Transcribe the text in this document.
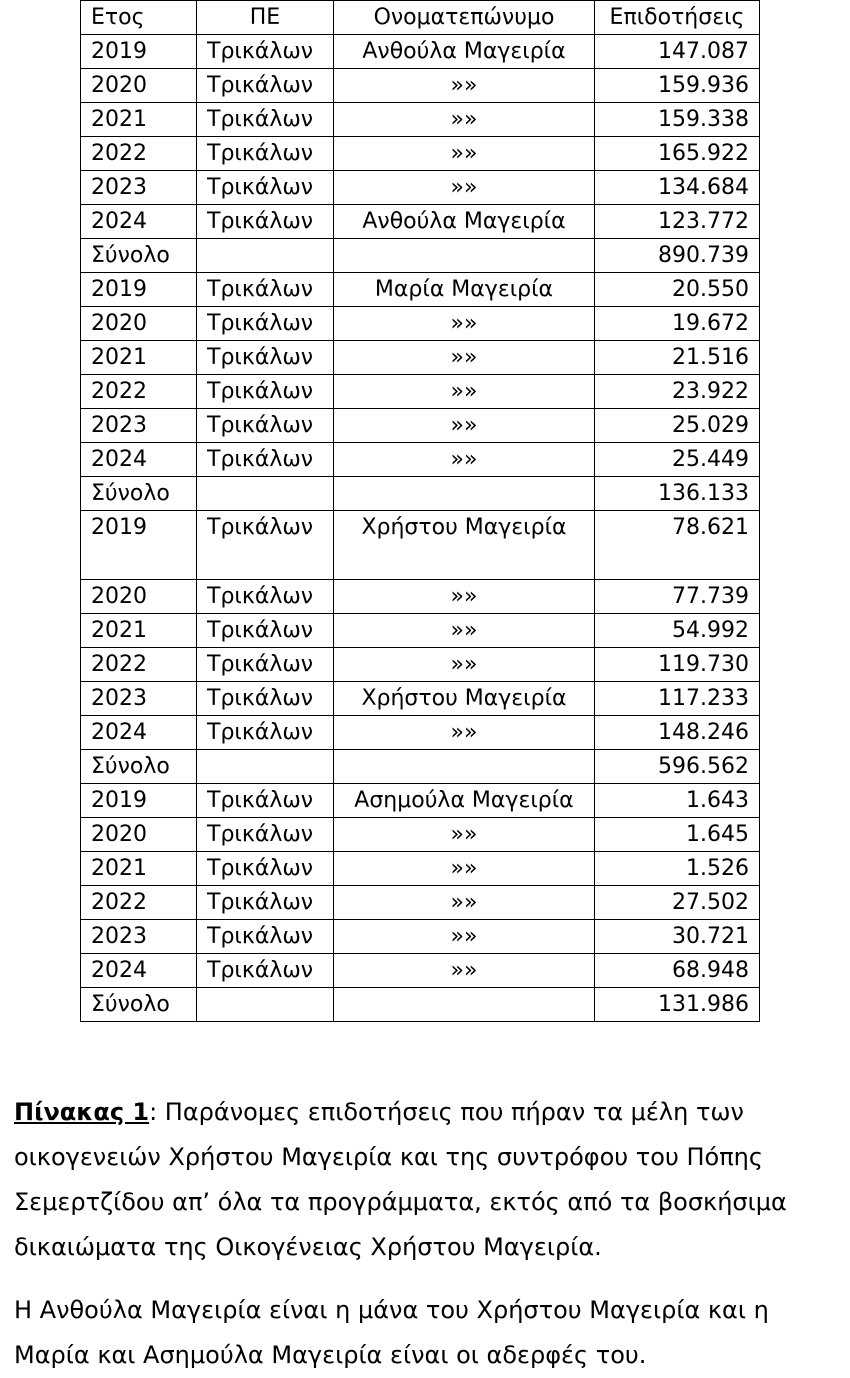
Ετος	ΠΕ	Ονοματεπώνυμο	Επιδοτήσεις
2019	Τρικάλων	Ανθούλα Μαγειρία	147.087
2020	Τρικάλων	»»	159.936
2021	Τρικάλων	»»	159.338
2022	Τρικάλων	»»	165.922
2023	Τρικάλων	»»	134.684
2024	Τρικάλων	Ανθούλα Μαγειρία	123.772
Σύνολο			890.739
2019	Τρικάλων	Μαρία Μαγειρία	20.550
2020	Τρικάλων	»»	19.672
2021	Τρικάλων	»»	21.516
2022	Τρικάλων	»»	23.922
2023	Τρικάλων	»»	25.029
2024	Τρικάλων	»»	25.449
Σύνολο			136.133
2019	Τρικάλων	Χρήστου Μαγειρία	78.621
2020	Τρικάλων	»»	77.739
2021	Τρικάλων	»»	54.992
2022	Τρικάλων	»»	119.730
2023	Τρικάλων	Χρήστου Μαγειρία	117.233
2024	Τρικάλων	»»	148.246
Σύνολο			596.562
2019	Τρικάλων	Ασημούλα Μαγειρία	1.643
2020	Τρικάλων	»»	1.645
2021	Τρικάλων	»»	1.526
2022	Τρικάλων	»»	27.502
2023	Τρικάλων	»»	30.721
2024	Τρικάλων	»»	68.948
Σύνολο			131.986

Πίνακας 1: Παράνομες επιδοτήσεις που πήραν τα μέλη των οικογενειών Χρήστου Μαγειρία και της συντρόφου του Πόπης Σεμερτζίδου απ’ όλα τα προγράμματα, εκτός από τα βοσκήσιμα δικαιώματα της Οικογένειας Χρήστου Μαγειρία.

Η Ανθούλα Μαγειρία είναι η μάνα του Χρήστου Μαγειρία και η Μαρία και Ασημούλα Μαγειρία είναι οι αδερφές του.
